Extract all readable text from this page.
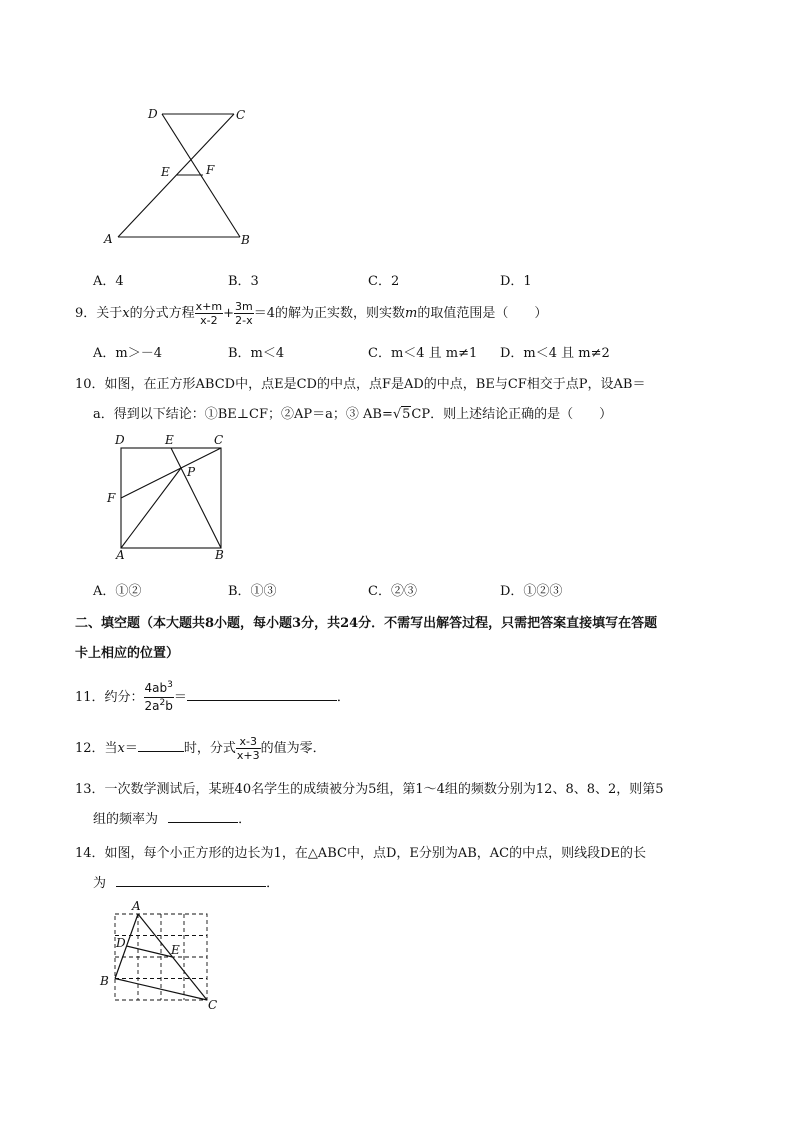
D	C
E	F
A	B
A．4	B．3	C．2	D．1
9．关于x的分式方程 $\frac{x+m}{x-2} + \frac{3m}{2-x} =4$的解为正实数，则实数m的取值范围是（　　）
A．m＞－4	B．m＜4	C．m＜4 且 m≠1 D．m＜4 且 m≠2
10．如图，在正方形ABCD中，点E是CD的中点，点F是AD的中点，BE与CF相交于点P，设AB＝
a．得到以下结论：①BE⊥CF；②AP＝a；③ AB=√5CP．则上述结论正确的是（　　）
D	E	C
P
F
A	B
A．①②	B．①③	C．②③	D．①②③
二、填空题（本大题共8小题，每小题3分，共24分．不需写出解答过程，只需把答案直接填写在答题
卡上相应的位置）
11．约分： $\frac{4ab^3}{2a^2b}$ ＝	．
12．当x＝	时，分式 $\frac{x-3}{x+3}$ 的值为零．
13．一次数学测试后，某班40名学生的成绩被分为5组，第1～4组的频数分别为12、8、8、2，则第5
组的频率为	．
14．如图，每个小正方形的边长为1，在△ABC中，点D，E分别为AB，AC的中点，则线段DE的长
为	．
A
D	E
B
C
